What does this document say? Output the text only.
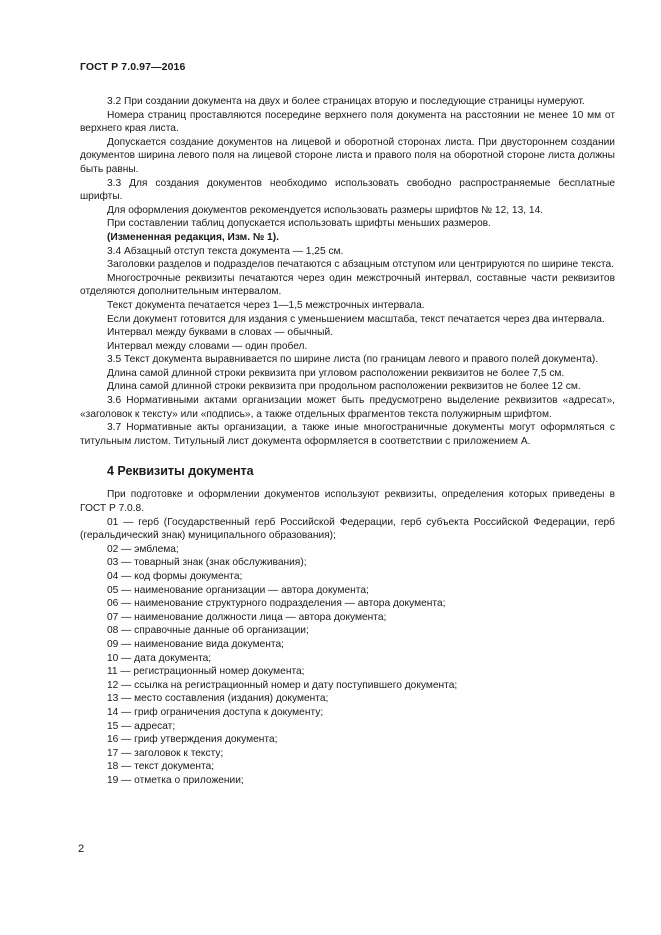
ГОСТ Р 7.0.97—2016

3.2 При создании документа на двух и более страницах вторую и последующие страницы нумеруют.

Номера страниц проставляются посередине верхнего поля документа на расстоянии не менее 10 мм от верхнего края листа.

Допускается создание документов на лицевой и оборотной сторонах листа. При двустороннем создании документов ширина левого поля на лицевой стороне листа и правого поля на оборотной стороне листа должны быть равны.

3.3 Для создания документов необходимо использовать свободно распространяемые бесплатные шрифты.

Для оформления документов рекомендуется использовать размеры шрифтов № 12, 13, 14.

При составлении таблиц допускается использовать шрифты меньших размеров.

(Измененная редакция, Изм. № 1).

3.4 Абзацный отступ текста документа — 1,25 см.

Заголовки разделов и подразделов печатаются с абзацным отступом или центрируются по ширине текста.

Многострочные реквизиты печатаются через один межстрочный интервал, составные части реквизитов отделяются дополнительным интервалом.

Текст документа печатается через 1—1,5 межстрочных интервала.

Если документ готовится для издания с уменьшением масштаба, текст печатается через два интервала.

Интервал между буквами в словах — обычный.

Интервал между словами — один пробел.

3.5 Текст документа выравнивается по ширине листа (по границам левого и правого полей документа).

Длина самой длинной строки реквизита при угловом расположении реквизитов не более 7,5 см.

Длина самой длинной строки реквизита при продольном расположении реквизитов не более 12 см.

3.6 Нормативными актами организации может быть предусмотрено выделение реквизитов «адресат», «заголовок к тексту» или «подпись», а также отдельных фрагментов текста полужирным шрифтом.

3.7 Нормативные акты организации, а также иные многостраничные документы могут оформляться с титульным листом. Титульный лист документа оформляется в соответствии с приложением А.

4 Реквизиты документа

При подготовке и оформлении документов используют реквизиты, определения которых приведены в ГОСТ Р 7.0.8.

01 — герб (Государственный герб Российской Федерации, герб субъекта Российской Федерации, герб (геральдический знак) муниципального образования);

02 — эмблема;

03 — товарный знак (знак обслуживания);

04 — код формы документа;

05 — наименование организации — автора документа;

06 — наименование структурного подразделения — автора документа;

07 — наименование должности лица — автора документа;

08 — справочные данные об организации;

09 — наименование вида документа;

10 — дата документа;

11 — регистрационный номер документа;

12 — ссылка на регистрационный номер и дату поступившего документа;

13 — место составления (издания) документа;

14 — гриф ограничения доступа к документу;

15 — адресат;

16 — гриф утверждения документа;

17 — заголовок к тексту;

18 — текст документа;

19 — отметка о приложении;

2
